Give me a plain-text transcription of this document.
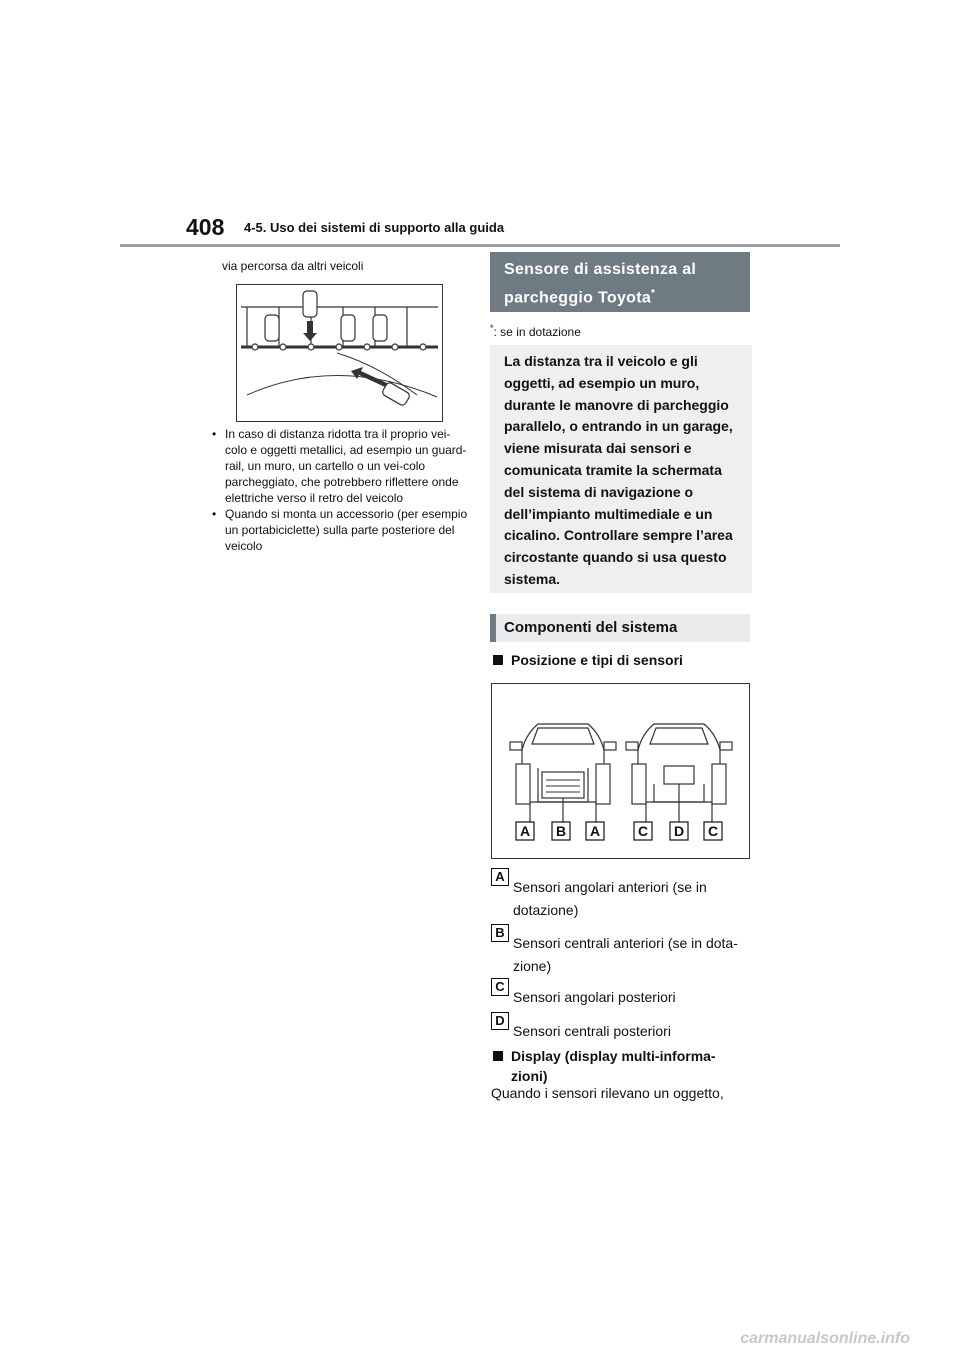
408 4-5. Uso dei sistemi di supporto alla guida
via percorsa da altri veicoli
• In caso di distanza ridotta tra il proprio vei-colo e oggetti metallici, ad esempio un guard-rail, un muro, un cartello o un vei-colo parcheggiato, che potrebbero riflettere onde elettriche verso il retro del veicolo
• Quando si monta un accessorio (per esempio un portabiciclette) sulla parte posteriore del veicolo
Sensore di assistenza al parcheggio Toyota*
*: se in dotazione
La distanza tra il veicolo e gli oggetti, ad esempio un muro, durante le manovre di parcheggio parallelo, o entrando in un garage, viene misurata dai sensori e comunicata tramite la schermata del sistema di navigazione o dell’impianto multimediale e un cicalino. Controllare sempre l’area circostante quando si usa questo sistema.
Componenti del sistema
Posizione e tipi di sensori
A B A	C D C
A
Sensori angolari anteriori (se in dotazione)
B
Sensori centrali anteriori (se in dota-zione)
C
Sensori angolari posteriori
D
Sensori centrali posteriori
Display (display multi-informa-zioni)
Quando i sensori rilevano un oggetto,
carmanualsonline.info
